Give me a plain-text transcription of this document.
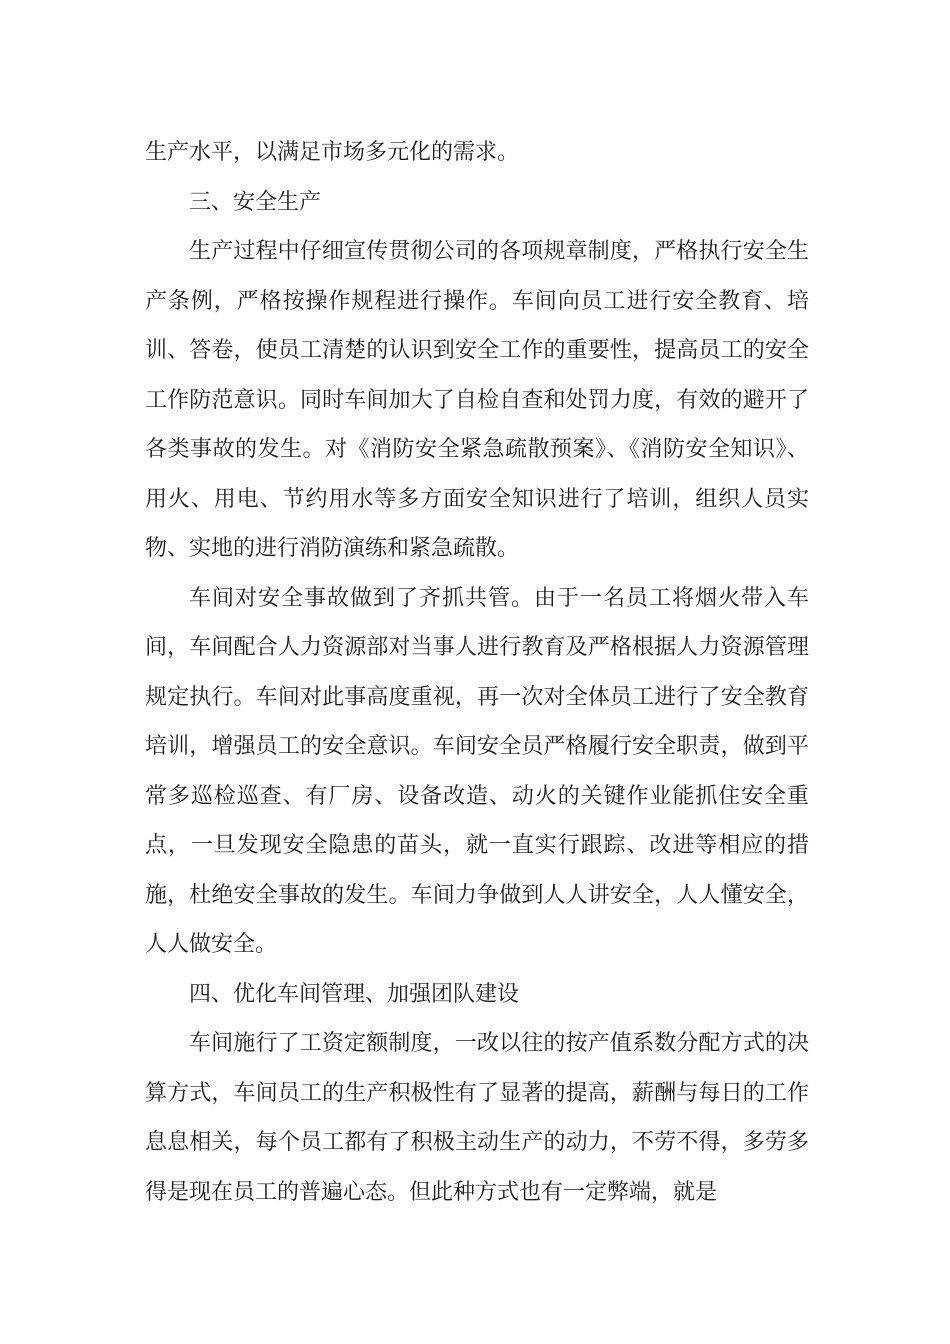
生产水平，以满足市场多元化的需求。

三、安全生产

生产过程中仔细宣传贯彻公司的各项规章制度，严格执行安全生产条例，严格按操作规程进行操作。车间向员工进行安全教育、培训、答卷，使员工清楚的认识到安全工作的重要性，提高员工的安全工作防范意识。同时车间加大了自检自查和处罚力度，有效的避开了各类事故的发生。对《消防安全紧急疏散预案》、《消防安全知识》、用火、用电、节约用水等多方面安全知识进行了培训，组织人员实物、实地的进行消防演练和紧急疏散。

车间对安全事故做到了齐抓共管。由于一名员工将烟火带入车间，车间配合人力资源部对当事人进行教育及严格根据人力资源管理规定执行。车间对此事高度重视，再一次对全体员工进行了安全教育培训，增强员工的安全意识。车间安全员严格履行安全职责，做到平常多巡检巡查、有厂房、设备改造、动火的关键作业能抓住安全重点，一旦发现安全隐患的苗头，就一直实行跟踪、改进等相应的措施，杜绝安全事故的发生。车间力争做到人人讲安全，人人懂安全，人人做安全。

四、优化车间管理、加强团队建设

车间施行了工资定额制度，一改以往的按产值系数分配方式的决算方式，车间员工的生产积极性有了显著的提高，薪酬与每日的工作息息相关，每个员工都有了积极主动生产的动力，不劳不得，多劳多得是现在员工的普遍心态。但此种方式也有一定弊端，就是
